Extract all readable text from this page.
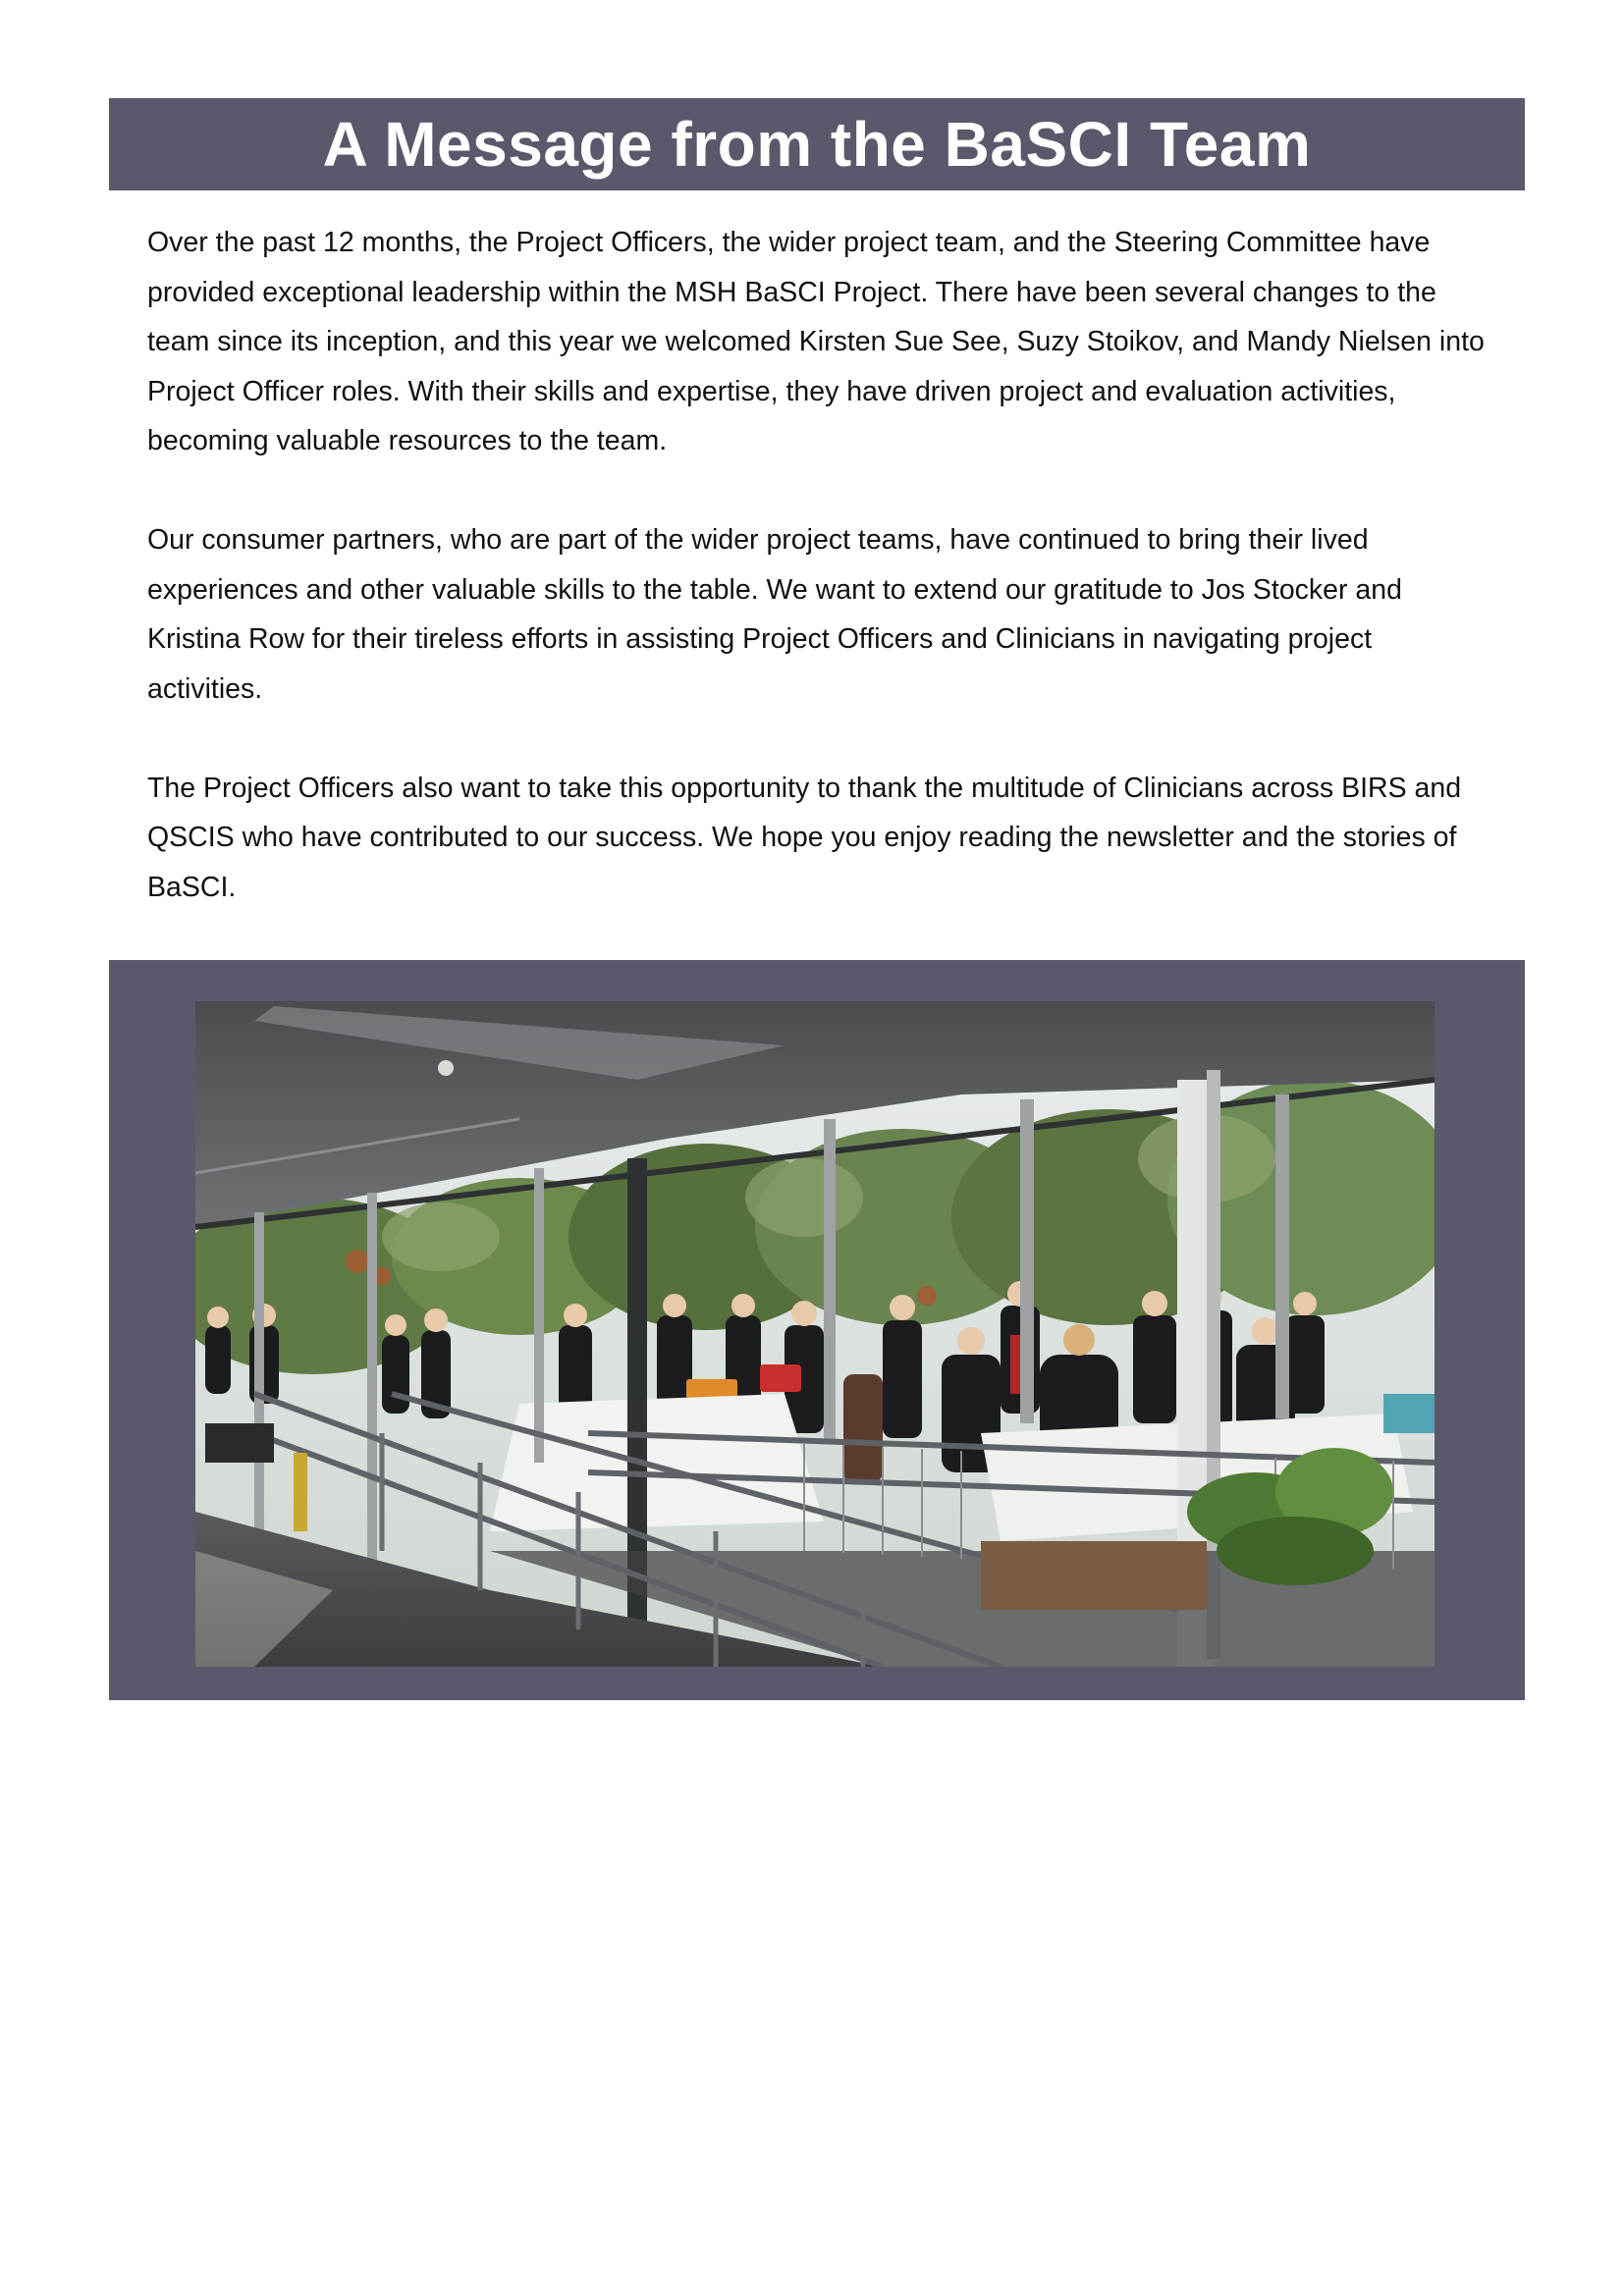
A Message from the BaSCI Team

Over the past 12 months, the Project Officers, the wider project team, and the Steering Committee have provided exceptional leadership within the MSH BaSCI Project. There have been several changes to the team since its inception, and this year we welcomed Kirsten Sue See, Suzy Stoikov, and Mandy Nielsen into Project Officer roles. With their skills and expertise, they have driven project and evaluation activities, becoming valuable resources to the team.

Our consumer partners, who are part of the wider project teams, have continued to bring their lived experiences and other valuable skills to the table. We want to extend our gratitude to Jos Stocker and Kristina Row for their tireless efforts in assisting Project Officers and Clinicians in navigating project activities.

The Project Officers also want to take this opportunity to thank the multitude of Clinicians across BIRS and QSCIS who have contributed to our success. We hope you enjoy reading the newsletter and the stories of BaSCI.
